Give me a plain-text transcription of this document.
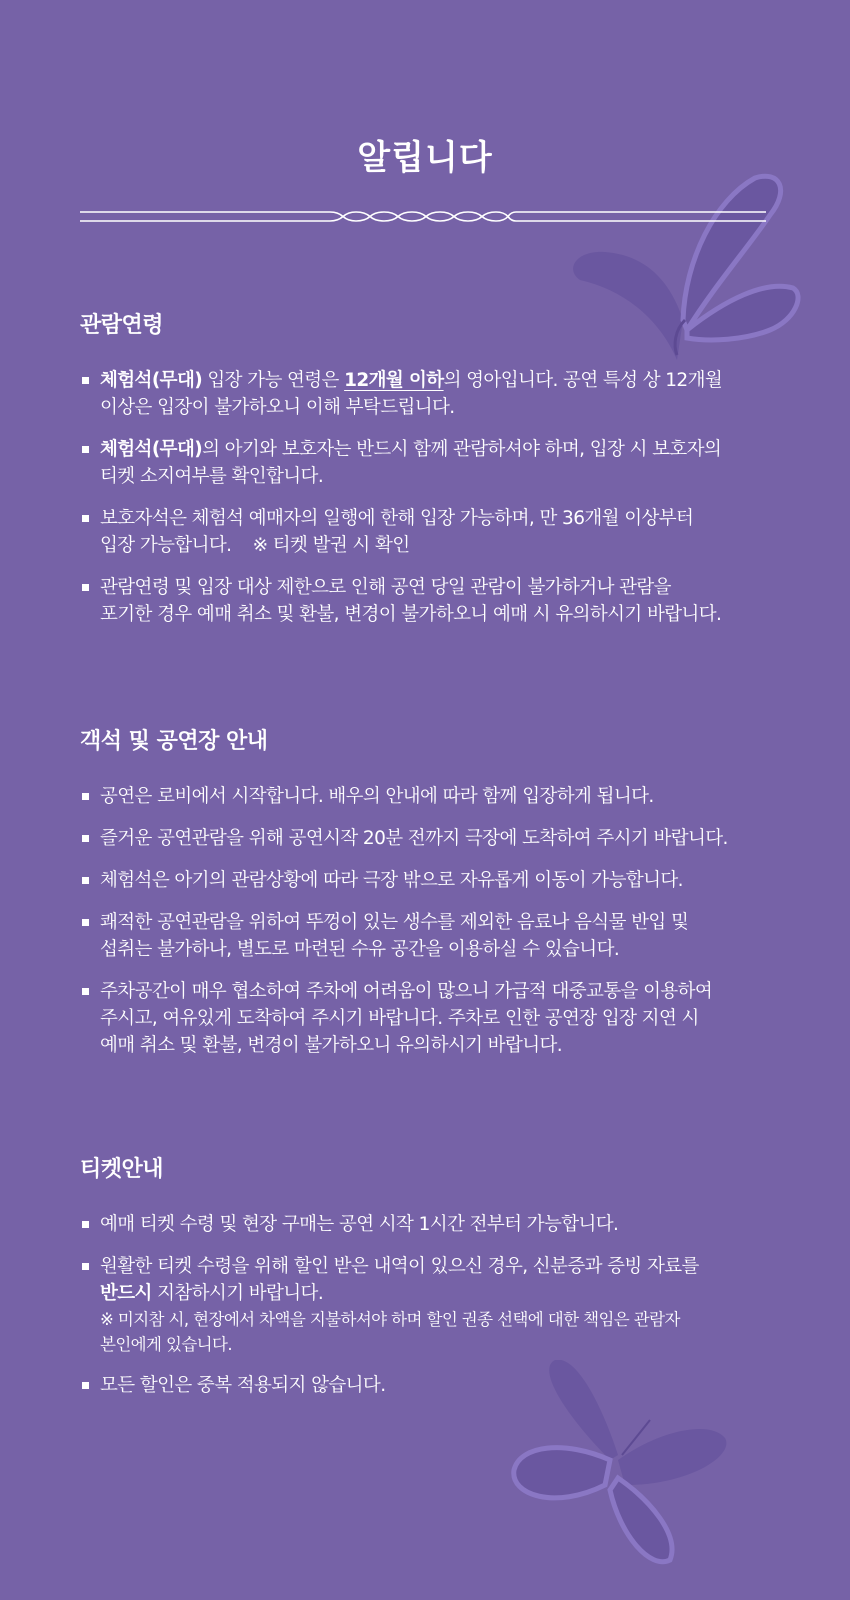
알립니다
관람연령
체험석(무대) 입장 가능 연령은 12개월 이하의 영아입니다. 공연 특성 상 12개월
이상은 입장이 불가하오니 이해 부탁드립니다.
체험석(무대)의 아기와 보호자는 반드시 함께 관람하셔야 하며, 입장 시 보호자의
티켓 소지여부를 확인합니다.
보호자석은 체험석 예매자의 일행에 한해 입장 가능하며, 만 36개월 이상부터
입장 가능합니다.    ※ 티켓 발권 시 확인
관람연령 및 입장 대상 제한으로 인해 공연 당일 관람이 불가하거나 관람을
포기한 경우 예매 취소 및 환불, 변경이 불가하오니 예매 시 유의하시기 바랍니다.
객석 및 공연장 안내
공연은 로비에서 시작합니다. 배우의 안내에 따라 함께 입장하게 됩니다.
즐거운 공연관람을 위해 공연시작 20분 전까지 극장에 도착하여 주시기 바랍니다.
체험석은 아기의 관람상황에 따라 극장 밖으로 자유롭게 이동이 가능합니다.
쾌적한 공연관람을 위하여 뚜껑이 있는 생수를 제외한 음료나 음식물 반입 및
섭취는 불가하나, 별도로 마련된 수유 공간을 이용하실 수 있습니다.
주차공간이 매우 협소하여 주차에 어려움이 많으니 가급적 대중교통을 이용하여
주시고, 여유있게 도착하여 주시기 바랍니다. 주차로 인한 공연장 입장 지연 시
예매 취소 및 환불, 변경이 불가하오니 유의하시기 바랍니다.
티켓안내
예매 티켓 수령 및 현장 구매는 공연 시작 1시간 전부터 가능합니다.
원활한 티켓 수령을 위해 할인 받은 내역이 있으신 경우, 신분증과 증빙 자료를
반드시 지참하시기 바랍니다.
※ 미지참 시, 현장에서 차액을 지불하셔야 하며 할인 권종 선택에 대한 책임은 관람자
본인에게 있습니다.
모든 할인은 중복 적용되지 않습니다.
